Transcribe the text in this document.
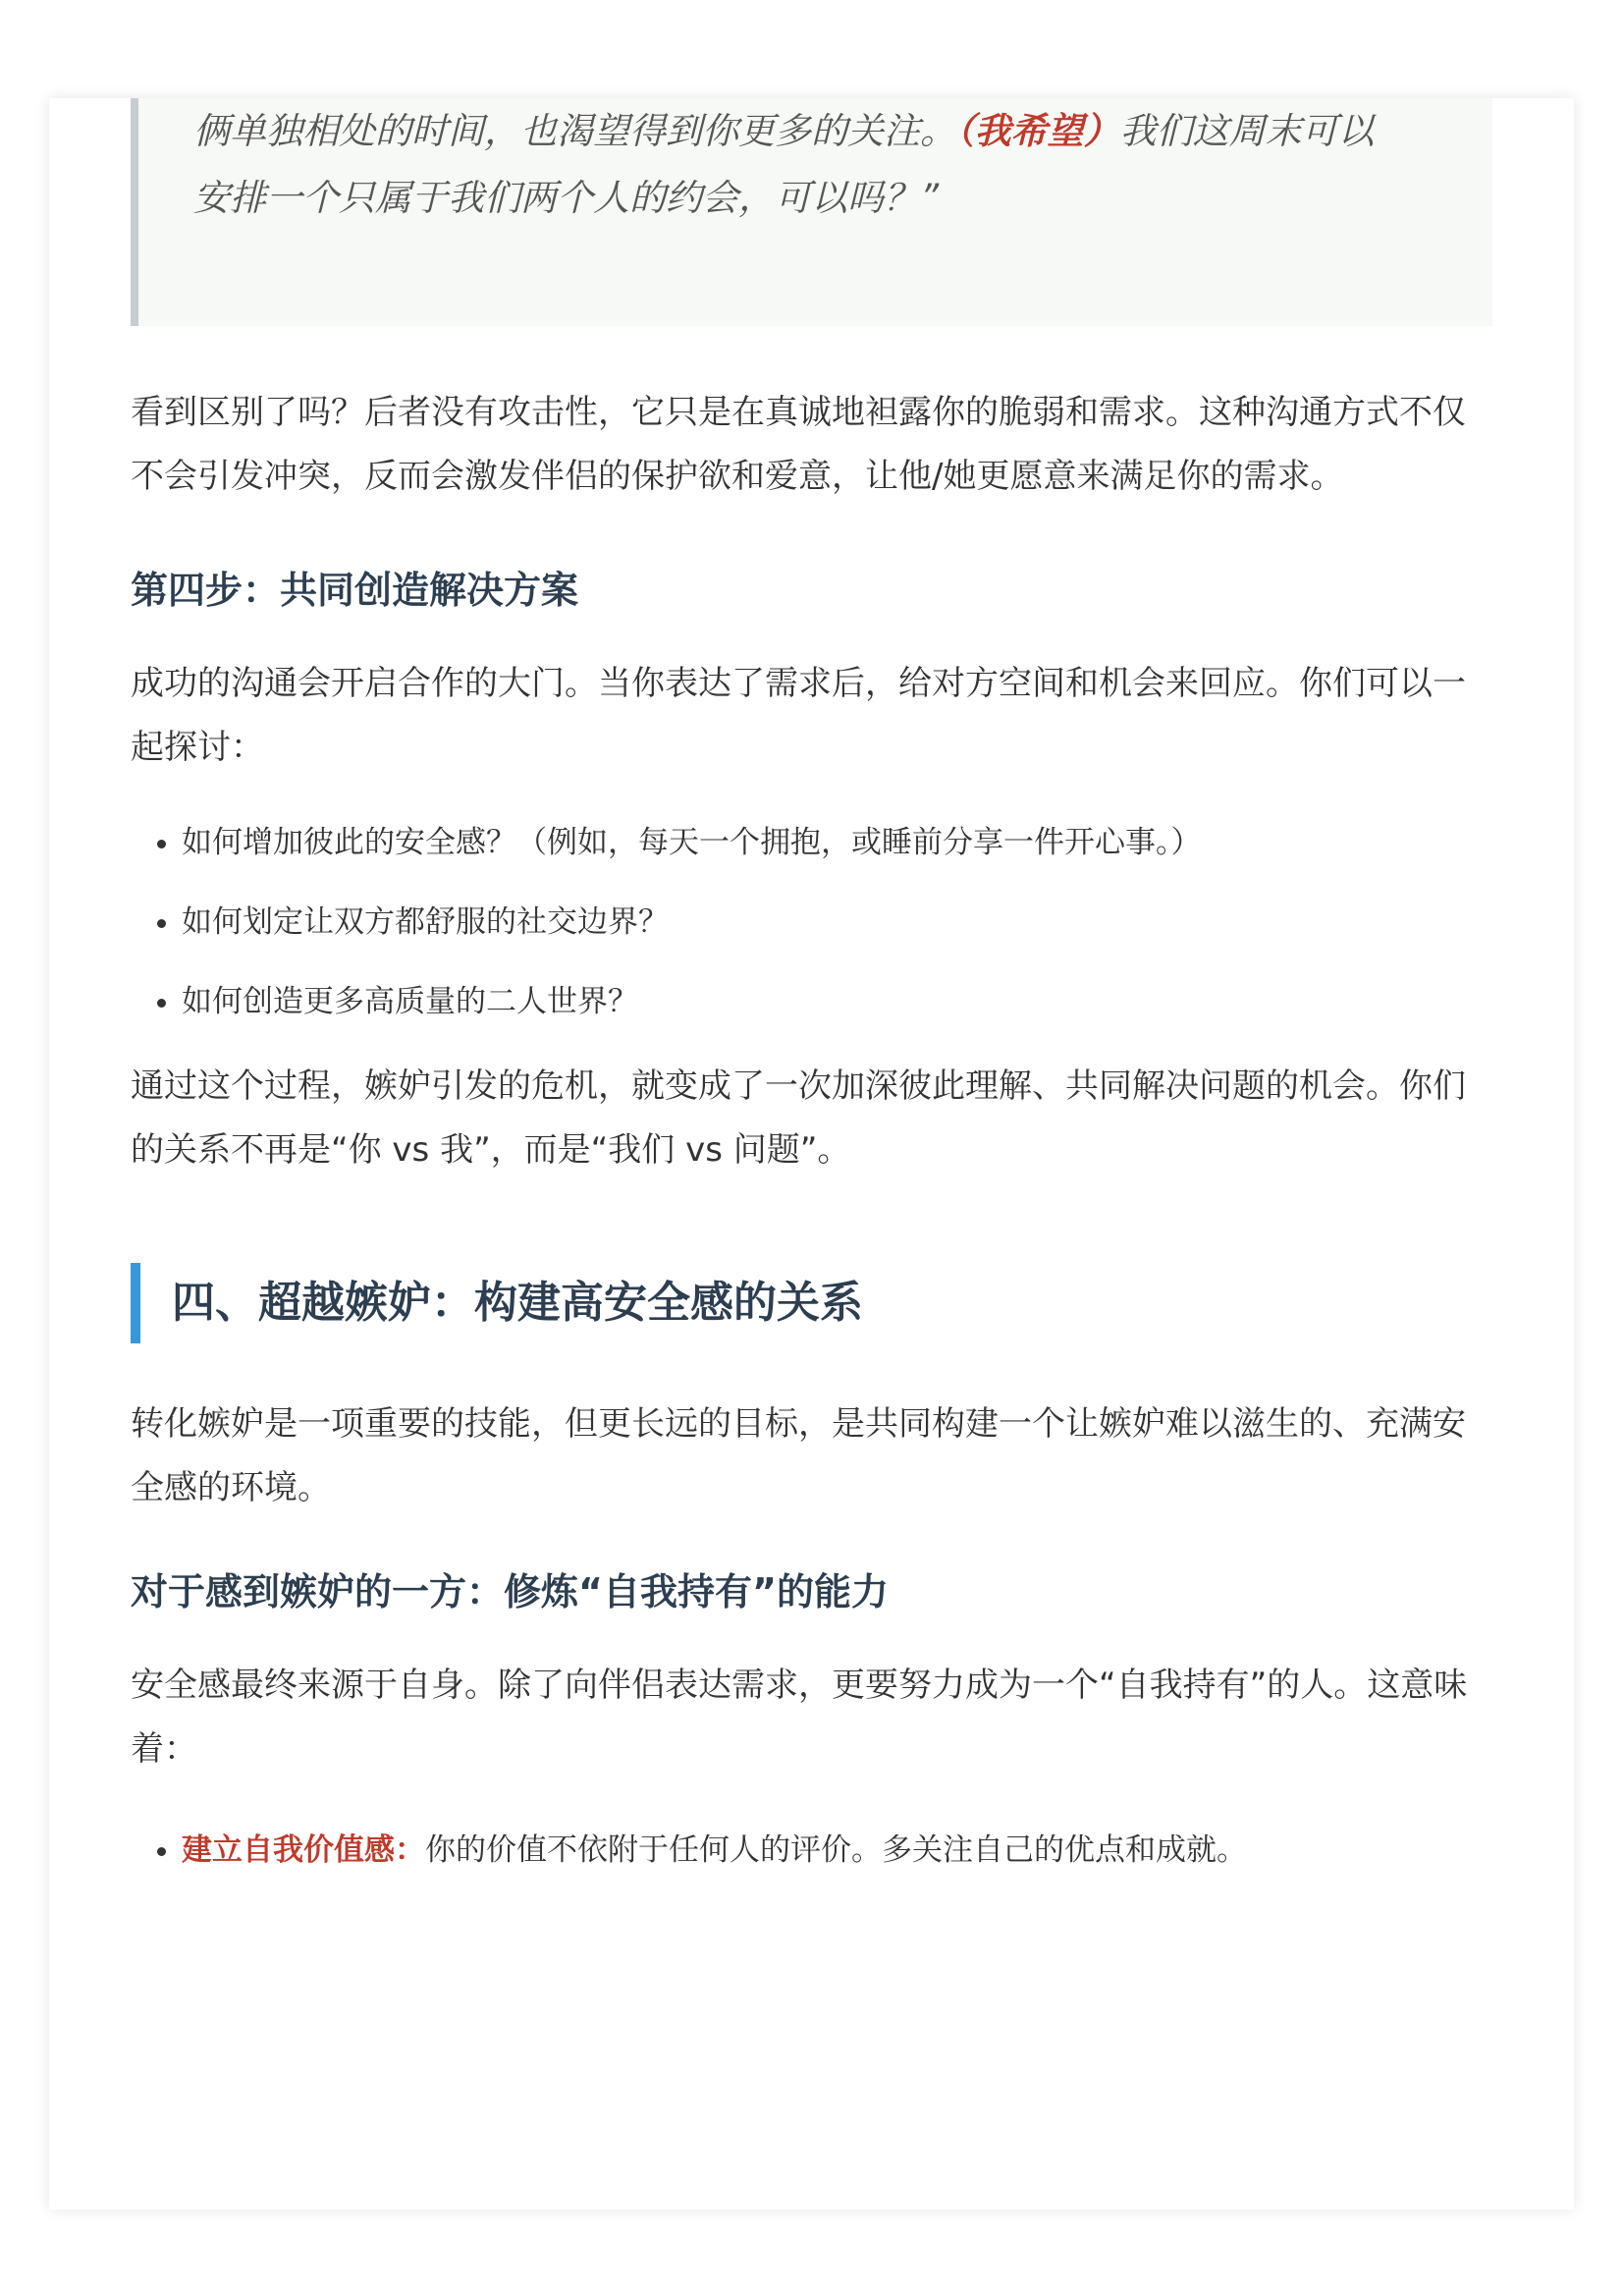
俩单独相处的时间，也渴望得到你更多的关注。（我希望）我们这周末可以

安排一个只属于我们两个人的约会，可以吗？”

看到区别了吗？后者没有攻击性，它只是在真诚地袒露你的脆弱和需求。这种沟通方式不仅不会引发冲突，反而会激发伴侣的保护欲和爱意，让他/她更愿意来满足你的需求。

第四步：共同创造解决方案

成功的沟通会开启合作的大门。当你表达了需求后，给对方空间和机会来回应。你们可以一起探讨：

• 如何增加彼此的安全感？（例如，每天一个拥抱，或睡前分享一件开心事。）
• 如何划定让双方都舒服的社交边界？
• 如何创造更多高质量的二人世界？

通过这个过程，嫉妒引发的危机，就变成了一次加深彼此理解、共同解决问题的机会。你们的关系不再是“你 vs 我”，而是“我们 vs 问题”。

四、超越嫉妒：构建高安全感的关系

转化嫉妒是一项重要的技能，但更长远的目标，是共同构建一个让嫉妒难以滋生的、充满安全感的环境。

对于感到嫉妒的一方：修炼“自我持有”的能力

安全感最终来源于自身。除了向伴侣表达需求，更要努力成为一个“自我持有”的人。这意味着：

• 建立自我价值感：你的价值不依附于任何人的评价。多关注自己的优点和成就。
